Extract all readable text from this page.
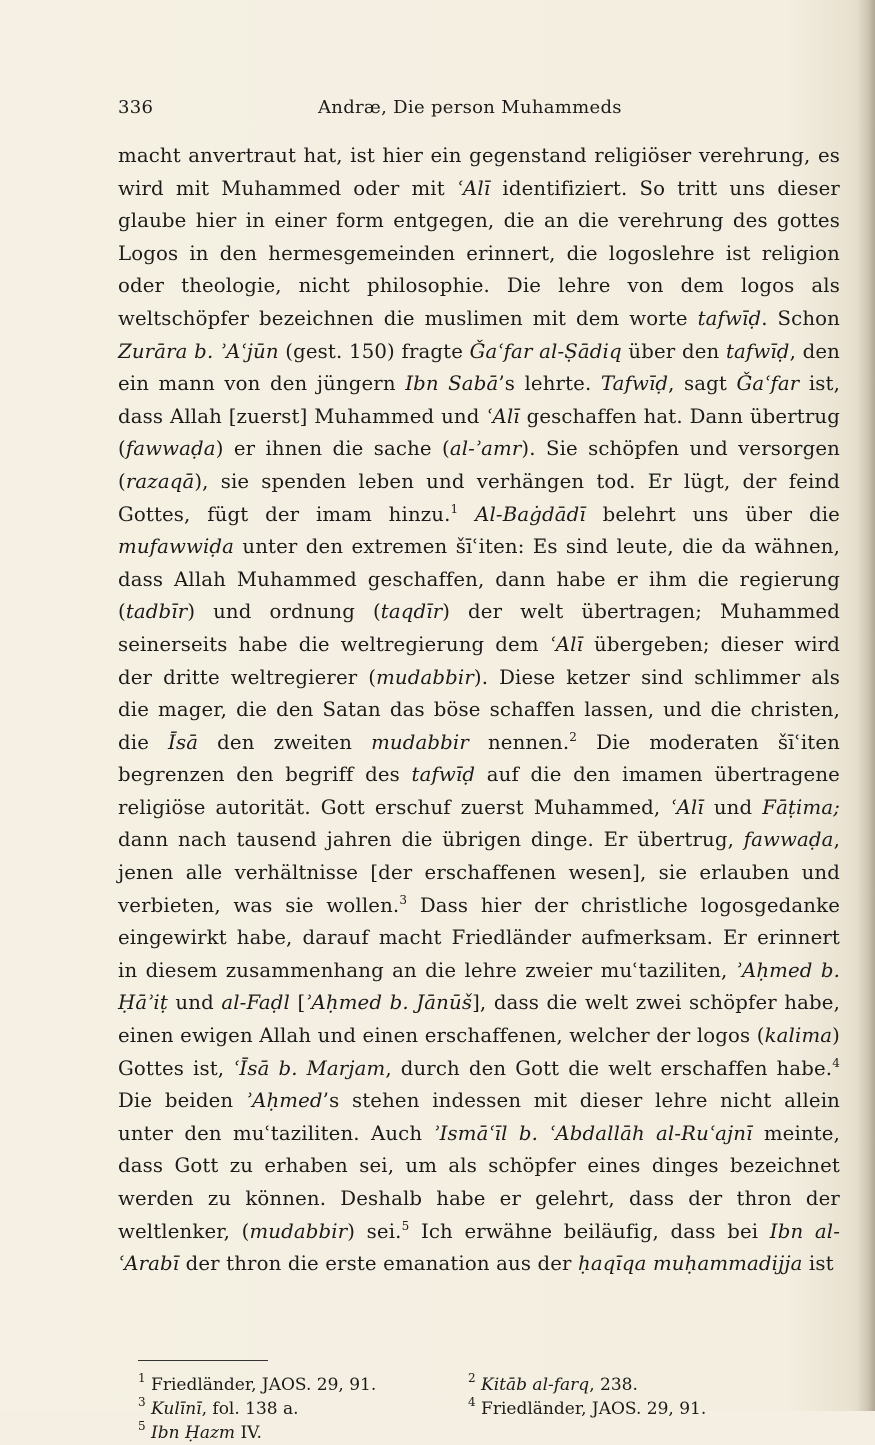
336	Andræ, Die person Muhammeds

macht anvertraut hat, ist hier ein gegenstand religiöser verehrung, es wird mit Muhammed oder mit ʿAlī identifiziert. So tritt uns dieser glaube hier in einer form entgegen, die an die verehrung des gottes Logos in den hermesgemeinden erinnert, die logoslehre ist religion oder theologie, nicht philosophie. Die lehre von dem logos als weltschöpfer bezeichnen die muslimen mit dem worte tafwīḍ. Schon Zurāra b. ʾAʿjūn (gest. 150) fragte Ǧaʿfar al-Ṣādiq über den tafwīḍ, den ein mann von den jüngern Ibn Sabā’s lehrte. Tafwīḍ, sagt Ǧaʿfar ist, dass Allah [zuerst] Muhammed und ʿAlī geschaffen hat. Dann übertrug (fawwaḍa) er ihnen die sache (al-ʾamr). Sie schöpfen und versorgen (razaqā), sie spenden leben und verhängen tod. Er lügt, der feind Gottes, fügt der imam hinzu.$^1$ Al-Baġdādī belehrt uns über die mufawwiḍa unter den extremen šīʿiten: Es sind leute, die da wähnen, dass Allah Muhammed geschaffen, dann habe er ihm die regierung (tadbīr) und ordnung (taqdīr) der welt übertragen; Muhammed seinerseits habe die weltregierung dem ʿAlī übergeben; dieser wird der dritte weltregierer (mudabbir). Diese ketzer sind schlimmer als die mager, die den Satan das böse schaffen lassen, und die christen, die Īsā den zweiten mudabbir nennen.$^2$ Die moderaten šīʿiten begrenzen den begriff des tafwīḍ auf die den imamen übertragene religiöse autorität. Gott erschuf zuerst Muhammed, ʿAlī und Fāṭima; dann nach tausend jahren die übrigen dinge. Er übertrug, fawwaḍa, jenen alle verhältnisse [der erschaffenen wesen], sie erlauben und verbieten, was sie wollen.$^3$ Dass hier der christliche logosgedanke eingewirkt habe, darauf macht Friedländer aufmerksam. Er erinnert in diesem zusammenhang an die lehre zweier muʿtaziliten, ʾAḥmed b. Ḥāʾiṭ und al-Faḍl [ʾAḥmed b. Jānūš], dass die welt zwei schöpfer habe, einen ewigen Allah und einen erschaffenen, welcher der logos (kalima) Gottes ist, ʿĪsā b. Marjam, durch den Gott die welt erschaffen habe.$^4$ Die beiden ʾAḥmed’s stehen indessen mit dieser lehre nicht allein unter den muʿtaziliten. Auch ʾIsmāʿīl b. ʿAbdallāh al-Ruʿajnī meinte, dass Gott zu erhaben sei, um als schöpfer eines dinges bezeichnet werden zu können. Deshalb habe er gelehrt, dass der thron der weltlenker, (mudabbir) sei.$^5$ Ich erwähne beiläufig, dass bei Ibn al-ʿArabī der thron die erste emanation aus der ḥaqīqa muḥammadijja ist

$^1$ Friedländer, JAOS. 29, 91.	$^2$ Kitāb al-farq, 238.
$^3$ Kulīnī, fol. 138 a.	$^4$ Friedländer, JAOS. 29, 91.
$^5$ Ibn Ḥazm IV.
